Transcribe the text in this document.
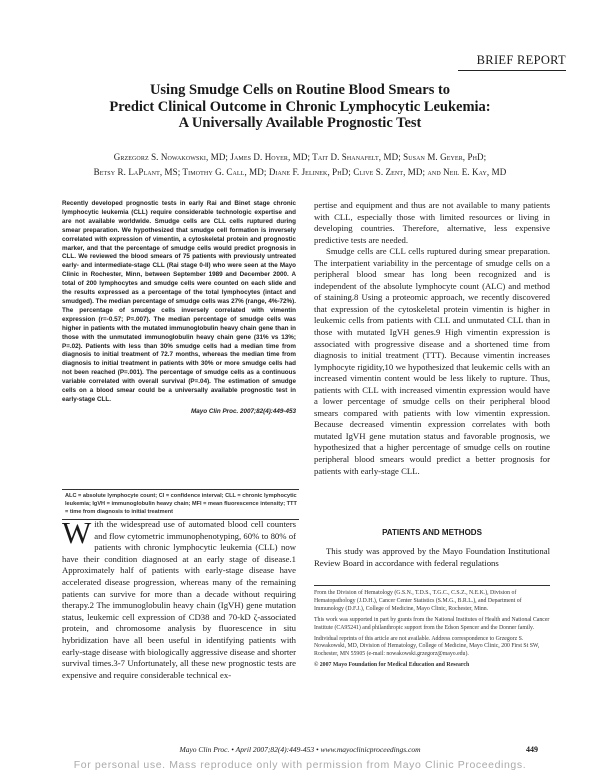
BRIEF REPORT
Using Smudge Cells on Routine Blood Smears to
Predict Clinical Outcome in Chronic Lymphocytic Leukemia:
A Universally Available Prognostic Test
Grzegorz S. Nowakowski, MD; James D. Hoyer, MD; Tait D. Shanafelt, MD; Susan M. Geyer, PhD;
Betsy R. LaPlant, MS; Timothy G. Call, MD; Diane F. Jelinek, PhD; Clive S. Zent, MD; and Neil E. Kay, MD
Recently developed prognostic tests in early Rai and Binet stage chronic lymphocytic leukemia (CLL) require considerable technologic expertise and are not available worldwide. Smudge cells are CLL cells ruptured during smear preparation. We hypothesized that smudge cell formation is inversely correlated with expression of vimentin, a cytoskeletal protein and prognostic marker, and that the percentage of smudge cells would predict prognosis in CLL. We reviewed the blood smears of 75 patients with previously untreated early- and intermediate-stage CLL (Rai stage 0-II) who were seen at the Mayo Clinic in Rochester, Minn, between September 1989 and December 2000. A total of 200 lymphocytes and smudge cells were counted on each slide and the results expressed as a percentage of the total lymphocytes (intact and smudged). The median percentage of smudge cells was 27% (range, 4%-72%). The percentage of smudge cells inversely correlated with vimentin expression (r=-0.57; P=.007). The median percentage of smudge cells was higher in patients with the mutated immunoglobulin heavy chain gene than in those with the unmutated immunoglobulin heavy chain gene (31% vs 13%; P=.02). Patients with less than 30% smudge cells had a median time from diagnosis to initial treatment of 72.7 months, whereas the median time from diagnosis to initial treatment in patients with 30% or more smudge cells had not been reached (P=.001). The percentage of smudge cells as a continuous variable correlated with overall survival (P=.04). The estimation of smudge cells on a blood smear could be a universally available prognostic test in early-stage CLL.
Mayo Clin Proc. 2007;82(4):449-453
ALC = absolute lymphocyte count; CI = confidence interval; CLL = chronic lymphocytic leukemia; IgVH = immunoglobulin heavy chain; MFI = mean fluorescence intensity; TTT = time from diagnosis to initial treatment
W ith the widespread use of automated blood cell counters and flow cytometric immunophenotyping, 60% to 80% of patients with chronic lymphocytic leukemia (CLL) now have their condition diagnosed at an early stage of disease.1 Approximately half of patients with early-stage disease have accelerated disease progression, whereas many of the remaining patients can survive for more than a decade without requiring therapy.2 The immunoglobulin heavy chain (IgVH) gene mutation status, leukemic cell expression of CD38 and 70-kD ζ-associated protein, and chromosome analysis by fluorescence in situ hybridization have all been useful in identifying patients with early-stage disease with biologically aggressive disease and shorter survival times.3-7 Unfortunately, all these new prognostic tests are expensive and require considerable technical ex-

pertise and equipment and thus are not available to many patients with CLL, especially those with limited resources or living in developing countries. Therefore, alternative, less expensive predictive tests are needed.

Smudge cells are CLL cells ruptured during smear preparation. The interpatient variability in the percentage of smudge cells on a peripheral blood smear has long been recognized and is independent of the absolute lymphocyte count (ALC) and method of staining.8 Using a proteomic approach, we recently discovered that expression of the cytoskeletal protein vimentin is higher in leukemic cells from patients with CLL and unmutated CLL than in those with mutated IgVH genes.9 High vimentin expression is associated with progressive disease and a shortened time from diagnosis to initial treatment (TTT). Because vimentin increases lymphocyte rigidity,10 we hypothesized that leukemic cells with an increased vimentin content would be less likely to rupture. Thus, patients with CLL with increased vimentin expression would have a lower percentage of smudge cells on their peripheral blood smears compared with patients with low vimentin expression. Because decreased vimentin expression correlates with both mutated IgVH gene mutation status and favorable prognosis, we hypothesized that a higher percentage of smudge cells on routine peripheral blood smears would predict a better prognosis for patients with early-stage CLL.

PATIENTS AND METHODS
This study was approved by the Mayo Foundation Institutional Review Board in accordance with federal regulations

From the Division of Hematology (G.S.N., T.D.S., T.G.C., C.S.Z., N.E.K.), Division of Hematopathology (J.D.H.), Cancer Center Statistics (S.M.G., B.R.L.), and Department of Immunology (D.F.J.), College of Medicine, Mayo Clinic, Rochester, Minn.

This work was supported in part by grants from the National Institutes of Health and National Cancer Institute (CA95241) and philanthropic support from the Edson Spencer and the Donner family.

Individual reprints of this article are not available. Address correspondence to Grzegorz S. Nowakowski, MD, Division of Hematology, College of Medicine, Mayo Clinic, 200 First St SW, Rochester, MN 55905 (e-mail: nowakowski.grzegorz@mayo.edu).

© 2007 Mayo Foundation for Medical Education and Research

Mayo Clin Proc. • April 2007;82(4):449-453 • www.mayoclinicproceedings.com	449
For personal use. Mass reproduce only with permission from Mayo Clinic Proceedings.
